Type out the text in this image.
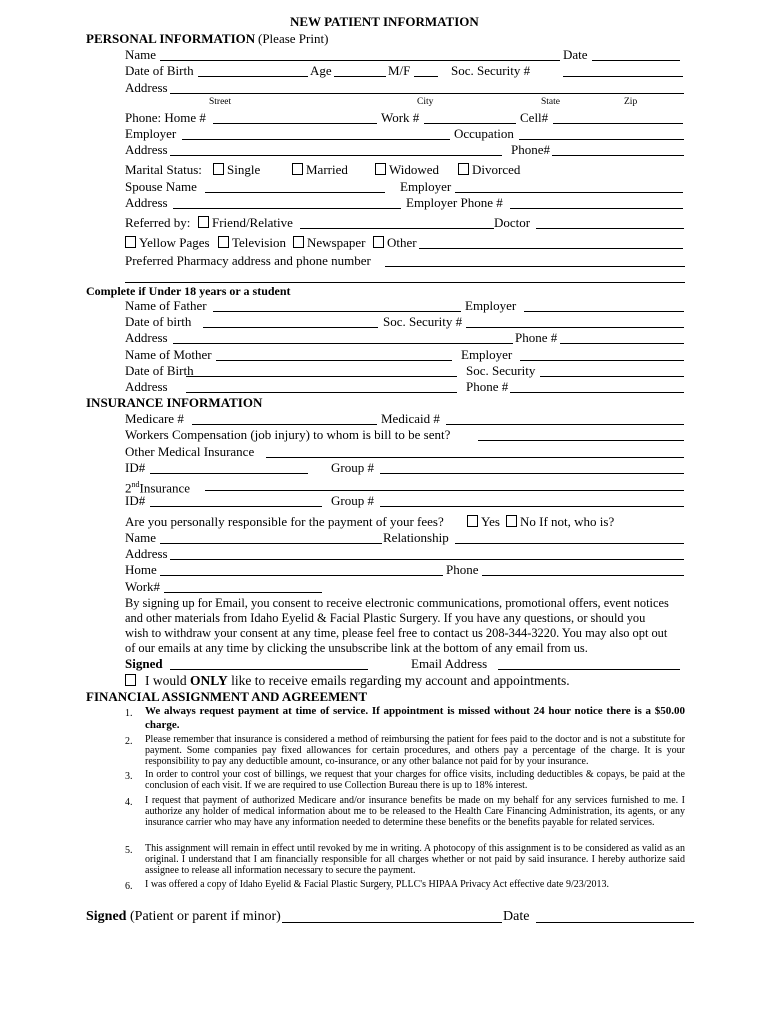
NEW PATIENT INFORMATION
PERSONAL INFORMATION (Please Print)
Name	Date
Date of Birth	Age	M/F	Soc. Security #
Address
Street	City	State	Zip
Phone: Home #	Work #	Cell#
Employer	Occupation
Address	Phone#
Marital Status:	Single	Married	Widowed	Divorced
Spouse Name	Employer
Address	Employer Phone #
Referred by:	Friend/Relative	Doctor
Yellow Pages	Television	Newspaper	Other
Preferred Pharmacy address and phone number
Complete if Under 18 years or a student
Name of Father	Employer
Date of birth	Soc. Security #
Address	Phone #
Name of Mother	Employer
Date of Birth	Soc. Security
Address	Phone #
INSURANCE INFORMATION
Medicare #	Medicaid #
Workers Compensation (job injury) to whom is bill to be sent?
Other Medical Insurance
ID#	Group #
2ndInsurance
ID#	Group #
Are you personally responsible for the payment of your fees?	Yes	No If not, who is?
Name	Relationship
Address
Home	Phone
Work#
By signing up for Email, you consent to receive electronic communications, promotional offers, event notices
and other materials from Idaho Eyelid & Facial Plastic Surgery. If you have any questions, or should you
wish to withdraw your consent at any time, please feel free to contact us 208-344-3220. You may also opt out
of our emails at any time by clicking the unsubscribe link at the bottom of any email from us.
Signed	Email Address
I would ONLY like to receive emails regarding my account and appointments.
FINANCIAL ASSIGNMENT AND AGREEMENT
1. We always request payment at time of service. If appointment is missed without 24 hour notice there is a $50.00 charge.
2. Please remember that insurance is considered a method of reimbursing the patient for fees paid to the doctor and is not a substitute for payment. Some companies pay fixed allowances for certain procedures, and others pay a percentage of the charge. It is your responsibility to pay any deductible amount, co-insurance, or any other balance not paid for by your insurance.
3. In order to control your cost of billings, we request that your charges for office visits, including deductibles & copays, be paid at the conclusion of each visit. If we are required to use Collection Bureau there is up to 18% interest.
4. I request that payment of authorized Medicare and/or insurance benefits be made on my behalf for any services furnished to me. I authorize any holder of medical information about me to be released to the Health Care Financing Administration, its agents, or any insurance carrier who may have any information needed to determine these benefits or the benefits payable for related services.
5. This assignment will remain in effect until revoked by me in writing. A photocopy of this assignment is to be considered as valid as an original. I understand that I am financially responsible for all charges whether or not paid by said insurance. I hereby authorize said assignee to release all information necessary to secure the payment.
6. I was offered a copy of Idaho Eyelid & Facial Plastic Surgery, PLLC's HIPAA Privacy Act effective date 9/23/2013.
Signed (Patient or parent if minor)	Date
